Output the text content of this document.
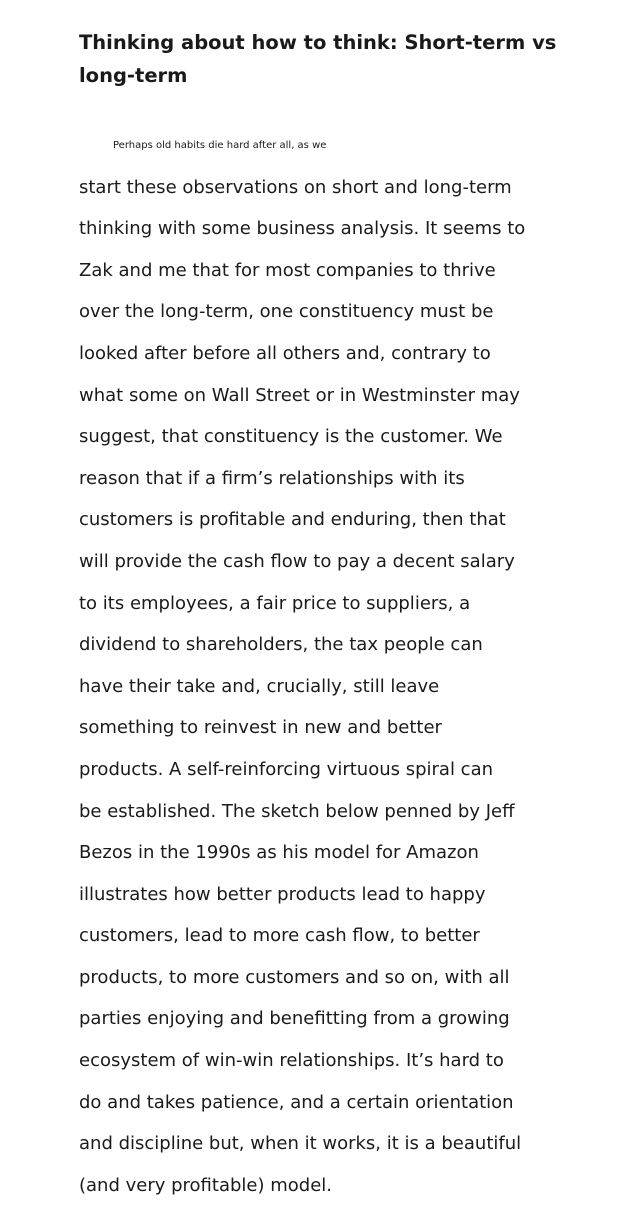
Thinking about how to think: Short-term vs
long-term

Perhaps old habits die hard after all, as we
start these observations on short and long-term
thinking with some business analysis. It seems to
Zak and me that for most companies to thrive
over the long-term, one constituency must be
looked after before all others and, contrary to
what some on Wall Street or in Westminster may
suggest, that constituency is the customer. We
reason that if a firm’s relationships with its
customers is profitable and enduring, then that
will provide the cash flow to pay a decent salary
to its employees, a fair price to suppliers, a
dividend to shareholders, the tax people can
have their take and, crucially, still leave
something to reinvest in new and better
products. A self-reinforcing virtuous spiral can
be established. The sketch below penned by Jeff
Bezos in the 1990s as his model for Amazon
illustrates how better products lead to happy
customers, lead to more cash flow, to better
products, to more customers and so on, with all
parties enjoying and benefitting from a growing
ecosystem of win-win relationships. It’s hard to
do and takes patience, and a certain orientation
and discipline but, when it works, it is a beautiful
(and very profitable) model.
